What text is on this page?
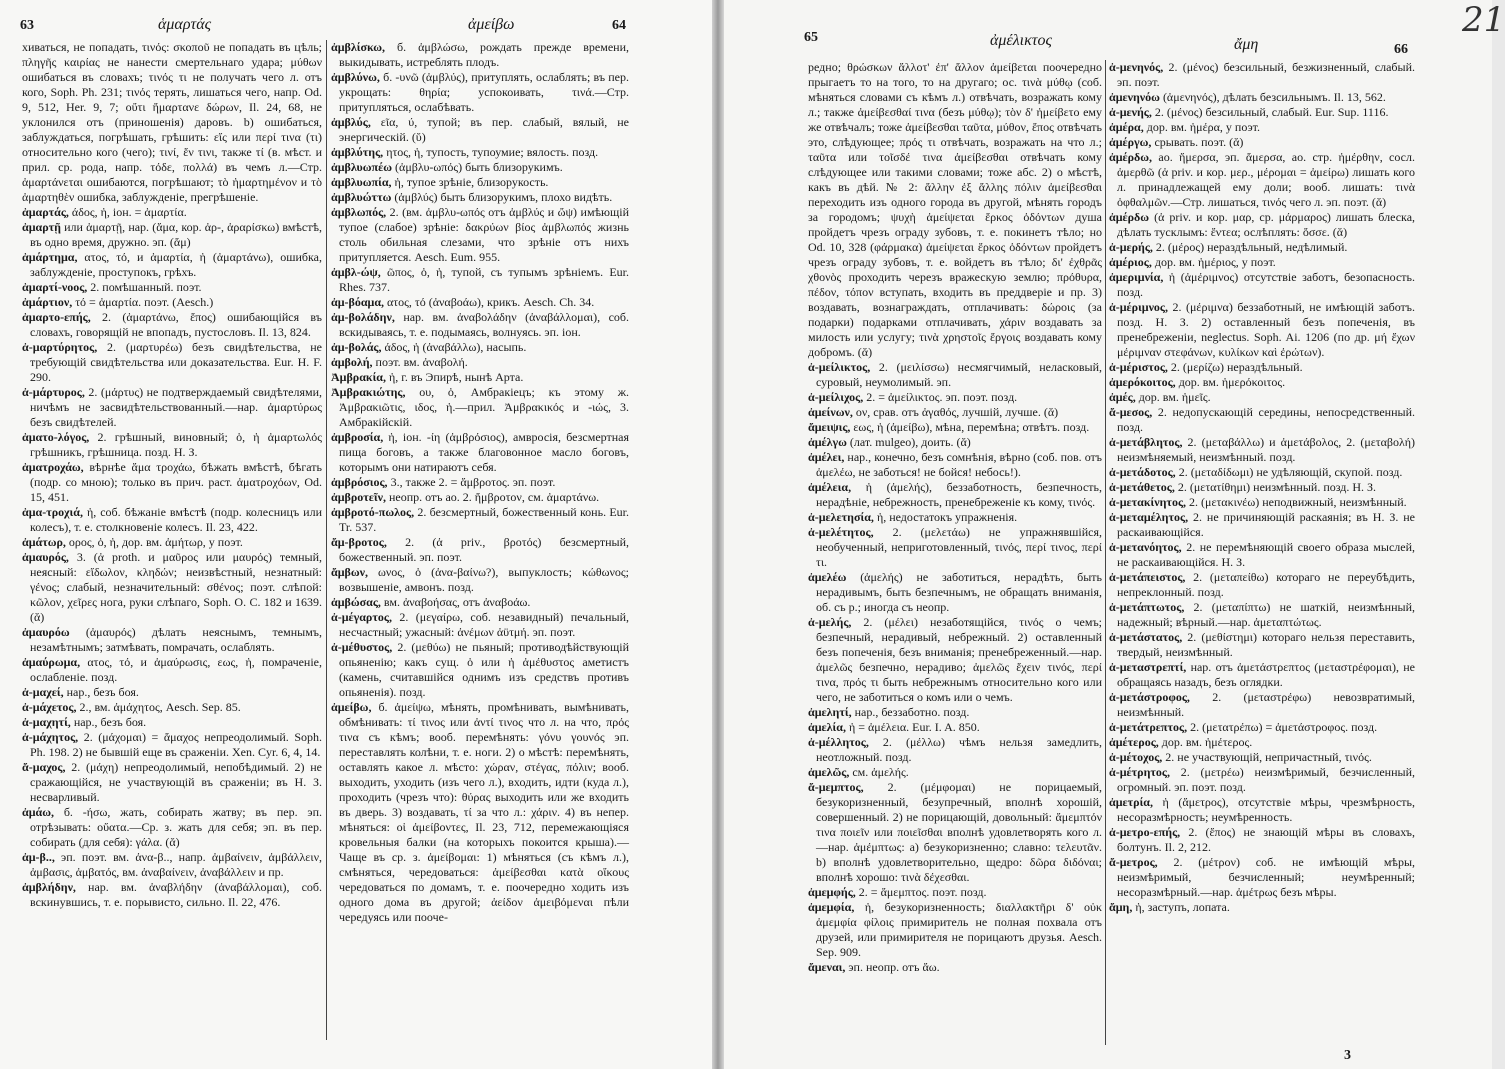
63	ἁμαρτάς	ἀμείβω	64

хиваться, не попадать, τινός: σκοποῦ не попадать въ цѣль; πληγῆς καιρίας не нанести смертельнаго удара; μύθων ошибаться въ словахъ; τινός τι не получать чего л. отъ кого, Soph. Ph. 231; τινός терять, лишаться чего, напр. Od. 9, 512, Her. 9, 7; οὔτι ἥμαρτανε δώρων, Il. 24, 68, не уклонился отъ (приношенія) даровъ. b) ошибаться, заблуждаться, погрѣшать, грѣшить: εἴς или περί τινα (τι) относительно кого (чего); τινί, ἔν τινι, также τί (в. мѣст. и прил. ср. рода, напр. τόδε, πολλά) въ чемъ л.—Стр. ἁμαρτάνεται ошибаются, погрѣшают; τὸ ἡμαρτημένον и τὸ ἁμαρτηθὲν ошибка, заблужденіе, прегрѣшеніе.

ἁμαρτάς, άδος, ἡ, іон. = ἁμαρτία.

ἁμαρτῇ или ἁμαρτῇ, нар. (ἅμα, кор. ἀρ-, ἀραρίσκω) вмѣстѣ, въ одно время, дружно. эп. (ἄμ)

ἁμάρτημα, ατος, τό, и ἁμαρτία, ἡ (ἁμαρτάνω), ошибка, заблужденіе, проступокъ, грѣхъ.

ἁμαρτί-νοος, 2. помѣшанный. поэт.

ἁμάρτιον, τό = ἁμαρτία. поэт. (Aesch.)

ἁμαρτο-επής, 2. (ἁμαρτάνω, ἔπος) ошибающійся въ словахъ, говорящій не впопадъ, пустословъ. Il. 13, 824.

ἀ-μαρτύρητος, 2. (μαρτυρέω) безъ свидѣтельства, не требующій свидѣтельства или доказательства. Eur. H. F. 290.

ἀ-μάρτυρος, 2. (μάρτυς) не подтверждаемый свидѣтелями, ничѣмъ не засвидѣтельствованный.—нар. ἀμαρτύρως безъ свидѣтелей.

ἁματο-λόγος, 2. грѣшный, виновный; ὁ, ἡ ἁμαρτωλός грѣшникъ, грѣшница. позд. Н. З.

ἁματροχάω, вѣрнѣе ἅμα τροχάω, бѣжать вмѣстѣ, бѣгать (подр. со мною); только въ прич. раст. ἀματροχόων, Od. 15, 451.

ἁμα-τροχιά, ἡ, соб. бѣжаніе вмѣстѣ (подр. колесницъ или колесъ), т. е. столкновеніе колесъ. Il. 23, 422.

ἀμάτωρ, ορος, ὁ, ἡ, дор. вм. ἀμήτωρ, у поэт.

ἀμαυρός, 3. (ἀ proth. и μαῦρος или μαυρός) темный, неясный: εἴδωλον, κληδών; неизвѣстный, незнатный: γένος; слабый, незначительный: σθένος; поэт. слѣпой: κῶλον, χεῖρες нога, руки слѣпаго, Soph. O. C. 182 и 1639. (ᾰ)

ἀμαυρόω (ἀμαυρός) дѣлать неяснымъ, темнымъ, незамѣтнымъ; затмѣвать, помрачать, ослаблять.

ἀμαύρωμα, ατος, τό, и ἀμαύρωσις, εως, ἡ, помраченіе, ослабленіе. позд.

ἀ-μαχεί, нар., безъ боя.

ἀ-μάχετος, 2., вм. ἀμάχητος, Aesch. Sep. 85.

ἀ-μαχητί, нар., безъ боя.

ἀ-μάχητος, 2. (μάχομαι) = ἄμαχος непреодолимый. Soph. Ph. 198. 2) не бывшій еще въ сраженіи. Xen. Cyr. 6, 4, 14.

ἄ-μαχος, 2. (μάχη) непреодолимый, непобѣдимый. 2) не сражающійся, не участвующій въ сраженіи; въ Н. З. несварливый.

ἀμάω, б. -ήσω, жать, собирать жатву; въ пер. эп. отрѣзывать: οὔατα.—Ср. з. жать для себя; эп. въ пер. собирать (для себя): γάλα. (ᾰ)

ἀμ-β.., эп. поэт. вм. ἀνα-β.., напр. ἀμβαίνειν, ἀμβάλλειν, ἀμβασις, ἀμβατός, вм. ἀναβαίνειν, ἀναβάλλειν и пр.

ἀμβλήδην, нар. вм. ἀναβλήδην (ἀναβάλλομαι), соб. вскинувшись, т. е. порывисто, сильно. Il. 22, 476.

ἀμβλίσκω, б. ἀμβλώσω, рождать прежде времени, выкидывать, истреблять плодъ.

ἀμβλύνω, б. -υνῶ (ἀμβλύς), притуплять, ослаблять; въ пер. укрощать: θηρία; успокоивать, τινά.—Стр. притупляться, ослабѣвать.

ἀμβλύς, εῖα, ύ, тупой; въ пер. слабый, вялый, не энергическій. (ῠ)

ἀμβλύτης, ητος, ἡ, тупость, тупоумие; вялость. позд.

ἀμβλυωπέω (ἀμβλυ-ωπός) быть близорукимъ.

ἀμβλυωπία, ἡ, тупое зрѣніе, близорукость.

ἀμβλυώττω (ἀμβλύς) быть близорукимъ, плохо видѣть.

ἀμβλωπός, 2. (вм. ἀμβλυ-ωπός отъ ἀμβλύς и ὤψ) имѣющій тупое (слабое) зрѣніе: δακρύων βίος ἀμβλωπός жизнь столь обильная слезами, что зрѣніе отъ нихъ притупляется. Aesch. Eum. 955.

ἀμβλ-ώψ, ῶπος, ὁ, ἡ, тупой, съ тупымъ зрѣніемъ. Eur. Rhes. 737.

ἀμ-βόαμα, ατος, τό (ἀναβοάω), крикъ. Aesch. Ch. 34.

ἀμ-βολάδην, нар. вм. ἀναβολάδην (ἀναβάλλομαι), соб. вскидываясь, т. е. подымаясь, волнуясь. эп. іон.

ἀμ-βολάς, άδος, ἡ (ἀναβάλλω), насыпь.

ἀμβολή, поэт. вм. ἀναβολή.

Ἀμβρακία, ἡ, г. въ Эпирѣ, нынѣ Арта.

Ἀμβρακιώτης, ου, ὁ, Амбракіецъ; къ этому ж. Ἀμβρακιῶτις, ιδος, ἡ.—прил. Ἀμβρακικός и -ιώς, 3. Амбракійскій.

ἀμβροσία, ἡ, іон. -ίη (ἀμβρόσιος), амвросія, безсмертная пища боговъ, а также благовонное масло боговъ, которымъ они натираютъ себя.

ἀμβρόσιος, 3., также 2. = ἄμβροτος. эп. поэт.

ἀμβροτεῖν, неопр. отъ ао. 2. ἤμβροτον, см. ἁμαρτάνω.

ἀμβροτό-πωλος, 2. безсмертный, божественный конь. Eur. Tr. 537.

ἄμ-βροτος, 2. (ἀ priv., βροτός) безсмертный, божественный. эп. поэт.

ἄμβων, ωνος, ὁ (ἀνα-βαίνω?), выпуклость; κώθωνος; возвышеніе, амвонъ. позд.

ἀμβώσας, вм. ἀναβοήσας, отъ ἀναβοάω.

ἀ-μέγαρτος, 2. (μεγαίρω, соб. незавидный) печальный, несчастный; ужасный: ἀνέμων ἀϋτμή. эп. поэт.

ἀ-μέθυστος, 2. (μεθύω) не пьяный; противодѣйствующій опьяненію; какъ сущ. ὁ или ἡ ἀμέθυστος аметистъ (камень, считавшійся однимъ изъ средствъ противъ опьяненія). позд.

ἀμείβω, б. ἀμείψω, мѣнять, промѣнивать, вымѣнивать, обмѣнивать: τί τινος или ἀντί τινος что л. на что, πρός τινα съ кѣмъ; вооб. перемѣнять: γόνυ γουνός эп. переставлять колѣни, т. е. ноги. 2) о мѣстѣ: перемѣнять, оставлять какое л. мѣсто: χώραν, στέγας, πόλιν; вооб. выходить, уходить (изъ чего л.), входить, идти (куда л.), проходить (чрезъ что): θύρας выходить или же входить въ дверь. 3) воздавать, τί за что л.: χάριν. 4) въ непер. мѣняться: οἱ ἀμείβοντες, Il. 23, 712, перемежающіяся кровельныя балки (на которыхъ покоится крыша).—Чаще въ ср. з. ἀμείβομαι: 1) мѣняться (съ кѣмъ л.), смѣняться, чередоваться: ἀμείβεσθαι κατὰ οἴκους чередоваться по домамъ, т. е. поочередно ходить изъ одного дома въ другой; ἀείδον ἀμειβόμεναι пѣли чередуясь или пооче-

65	ἀμέλικτος	ἄμη	66
21

редно; θρώσκων ἄλλοτ' ἐπ' ἄλλον ἀμείβεται поочередно прыгаетъ то на того, то на другаго; ос. τινὰ μύθῳ (соб. мѣняться словами съ кѣмъ л.) отвѣчать, возражать кому л.; также ἀμείβεσθαί τινα (безъ μύθῳ); τὸν δ' ἠμείβετο ему же отвѣчалъ; тоже ἀμείβεσθαι ταῦτα, μύθον, ἔπος отвѣчать это, слѣдующее; πρός τι отвѣчать, возражать на что л.; ταῦτα или τοῖσδέ τινα ἀμείβεσθαι отвѣчать кому слѣдующее или такими словами; тоже абс. 2) о мѣстѣ, какъ въ дѣй. № 2: ἄλλην ἐξ ἄλλης πόλιν ἀμείβεσθαι переходить изъ одного города въ другой, мѣнять городъ за городомъ; ψυχὴ ἀμείψεται ἕρκος ὀδόντων душа пройдетъ чрезъ ограду зубовъ, т. е. покинетъ тѣло; но Od. 10, 328 (φάρμακα) ἀμείψεται ἕρκος ὀδόντων пройдетъ чрезъ ограду зубовъ, т. е. войдетъ въ тѣло; δι' ἐχθρᾶς χθονὸς проходить черезъ вражескую землю; πρόθυρα, πέδον, τόπον вступать, входить въ преддверіе и пр. 3) воздавать, вознаграждать, отплачивать: δώροις (за подарки) подарками отплачивать, χάριν воздавать за милость или услугу; τινὰ χρηστοῖς ἔργοις воздавать кому добромъ. (ᾰ)

ἀ-μείλικτος, 2. (μειλίσσω) несмягчимый, неласковый, суровый, неумолимый. эп.

ἀ-μείλιχος, 2. = ἀμείλικτος. эп. поэт. позд.

ἀμείνων, ον, срав. отъ ἀγαθός, лучшій, лучше. (ᾰ)

ἄμειψις, εως, ἡ (ἀμείβω), мѣна, перемѣна; отвѣтъ. позд.

ἀμέλγω (лат. mulgeo), доить. (ᾰ)

ἀμέλει, нар., конечно, безъ сомнѣнія, вѣрно (соб. пов. отъ ἀμελέω, не заботься! не бойся! небось!).

ἀμέλεια, ἡ (ἀμελής), беззаботность, безпечность, нерадѣніе, небрежность, пренебреженіе къ кому, τινός.

ἀ-μελετησία, ἡ, недостатокъ упражненія.

ἀ-μελέτητος, 2. (μελετάω) не упражнявшійся, необученный, неприготовленный, τινός, περί τινος, περί τι.

ἀμελέω (ἀμελής) не заботиться, нерадѣть, быть нерадивымъ, быть безпечнымъ, не обращать вниманія, об. съ р.; иногда съ неопр.

ἀ-μελής, 2. (μέλει) незаботящійся, τινός о чемъ; безпечный, нерадивый, небрежный. 2) оставленный безъ попеченія, безъ вниманія; пренебреженный.—нар. ἀμελῶς безпечно, нерадиво; ἀμελῶς ἔχειν τινός, περί τινα, πρός τι быть небрежнымъ относительно кого или чего, не заботиться о комъ или о чемъ.

ἀμελητί, нар., беззаботно. позд.

ἀμελία, ἡ = ἀμέλεια. Eur. I. A. 850.

ἀ-μέλλητος, 2. (μέλλω) чѣмъ нельзя замедлить, неотложный. позд.

ἀμελῶς, см. ἀμελής.

ἄ-μεμπτος, 2. (μέμφομαι) не порицаемый, безукоризненный, безупречный, вполнѣ хорошій, совершенный. 2) не порицающій, довольный: ἄμεμπτόν τινα ποιεῖν или ποιεῖσθαι вполнѣ удовлетворять кого л.—нар. ἀμέμπτως: а) безукоризненно; славно: τελευτᾶν. b) вполнѣ удовлетворительно, щедро: δῶρα διδόναι; вполнѣ хорошо: τινὰ δέχεσθαι.

ἀμεμφής, 2. = ἄμεμπτος. поэт. позд.

ἀμεμφία, ἡ, безукоризненность; διαλλακτῆρι δ' οὐκ ἀμεμφία φίλοις примиритель не полная похвала отъ друзей, или примирителя не порицаютъ друзья. Aesch. Sep. 909.

ἄμεναι, эп. неопр. отъ ἄω.

ἀ-μενηνός, 2. (μένος) безсильный, безжизненный, слабый. эп. поэт.

ἀμενηνόω (ἀμενηνός), дѣлать безсильнымъ. Il. 13, 562.

ἀ-μενής, 2. (μένος) безсильный, слабый. Eur. Sup. 1116.

ἀμέρα, дор. вм. ἡμέρα, у поэт.

ἀμέργω, срывать. поэт. (ᾰ)

ἀμέρδω, ао. ἤμερσα, эп. ἄμερσα, ао. стр. ἠμέρθην, сосл. ἀμερθῶ (ἀ priv. и кор. μερ., μέρομαι = ἀμείρω) лишать кого л. принадлежащей ему доли; вооб. лишать: τινὰ ὀφθαλμῶν.—Стр. лишаться, τινός чего л. эп. поэт. (ᾰ)

ἀμέρδω (ἀ priv. и кор. μαρ, ср. μάρμαρος) лишать блеска, дѣлать тусклымъ: ἔντεα; ослѣплять: ὄσσε. (ᾰ)

ἀ-μερής, 2. (μέρος) нераздѣльный, недѣлимый.

ἀμέριος, дор. вм. ἡμέριος, у поэт.

ἀμεριμνία, ἡ (ἀμέριμνος) отсутствіе заботъ, безопасность. позд.

ἀ-μέριμνος, 2. (μέριμνα) беззаботный, не имѣющій заботъ. позд. Н. З. 2) оставленный безъ попеченія, въ пренебреженіи, neglectus. Soph. Ai. 1206 (по др. μή ἔχων μέριμναν στεφάνων, κυλίκων καὶ ἐρώτων).

ἀ-μέριστος, 2. (μερίζω) нераздѣльный.

ἀμερόκοιτος, дор. вм. ἡμερόκοιτος.

ἀμές, дор. вм. ἡμεῖς.

ἄ-μεσος, 2. недопускающій середины, непосредственный. позд.

ἀ-μετάβλητος, 2. (μεταβάλλω) и ἀμετάβολος, 2. (μεταβολή) неизмѣняемый, неизмѣнный. позд.

ἀ-μετάδοτος, 2. (μεταδίδωμι) не удѣляющій, скупой. позд.

ἀ-μετάθετος, 2. (μετατίθημι) неизмѣнный. позд. Н. З.

ἀ-μετακίνητος, 2. (μετακινέω) неподвижный, неизмѣнный.

ἀ-μεταμέλητος, 2. не причиняющій раскаянія; въ Н. З. не раскаивающійся.

ἀ-μετανόητος, 2. не перемѣняющій своего образа мыслей, не раскаивающійся. Н. З.

ἀ-μετάπειστος, 2. (μεταπείθω) котораго не переубѣдить, непреклонный. позд.

ἀ-μετάπτωτος, 2. (μεταπίπτω) не шаткій, неизмѣнный, надежный; вѣрный.—нар. ἀμεταπτώτως.

ἀ-μετάστατος, 2. (μεθίστημι) котораго нельзя переставить, твердый, неизмѣнный.

ἀ-μεταστρεπτί, нар. отъ ἀμετάστρεπτος (μεταστρέφομαι), не обращаясь назадъ, безъ оглядки.

ἀ-μετάστροφος, 2. (μεταστρέφω) невозвратимый, неизмѣнный.

ἀ-μετάτρεπτος, 2. (μετατρέπω) = ἀμετάστροφος. позд.

ἀμέτερος, дор. вм. ἡμέτερος.

ἀ-μέτοχος, 2. не участвующій, непричастный, τινός.

ἀ-μέτρητος, 2. (μετρέω) неизмѣримый, безчисленный, огромный. эп. поэт. позд.

ἀμετρία, ἡ (ἄμετρος), отсутствіе мѣры, чрезмѣрность, несоразмѣрность; неумѣренность.

ἀ-μετρο-επής, 2. (ἔπος) не знающій мѣры въ словахъ, болтунъ. Il. 2, 212.

ἄ-μετρος, 2. (μέτρον) соб. не имѣющій мѣры, неизмѣримый, безчисленный; неумѣренный; несоразмѣрный.—нар. ἀμέτρως безъ мѣры.

ἄμη, ἡ, заступъ, лопата.

3
